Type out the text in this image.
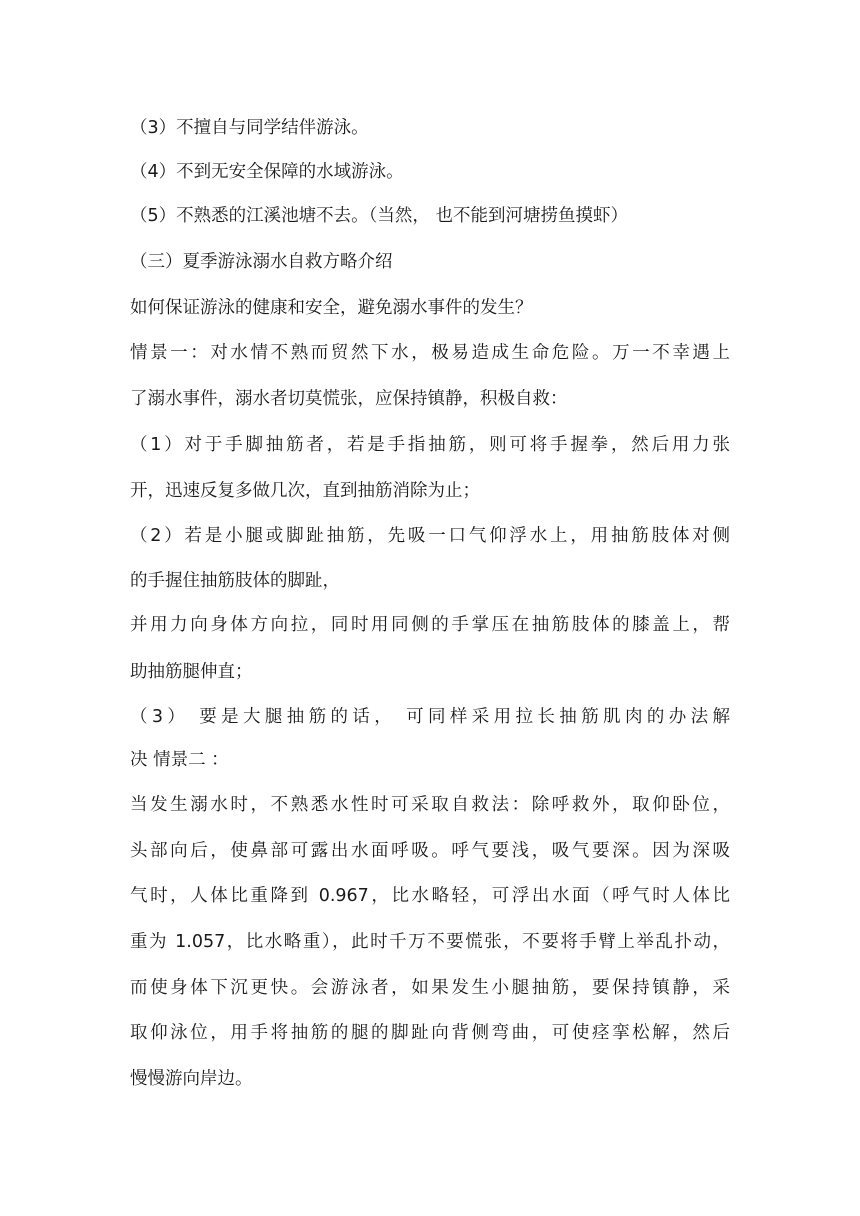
（3）不擅自与同学结伴游泳。
（4）不到无安全保障的水域游泳。
（5）不熟悉的江溪池塘不去。（当然， 也不能到河塘捞鱼摸虾）
（三）夏季游泳溺水自救方略介绍
如何保证游泳的健康和安全，避免溺水事件的发生？
情景一：对水情不熟而贸然下水，极易造成生命危险。万一不幸遇上
了溺水事件，溺水者切莫慌张，应保持镇静，积极自救：
（1）对于手脚抽筋者，若是手指抽筋，则可将手握拳，然后用力张
开，迅速反复多做几次，直到抽筋消除为止；
（2）若是小腿或脚趾抽筋，先吸一口气仰浮水上，用抽筋肢体对侧
的手握住抽筋肢体的脚趾，
并用力向身体方向拉，同时用同侧的手掌压在抽筋肢体的膝盖上，帮
助抽筋腿伸直；
（3） 要是大腿抽筋的话， 可同样采用拉长抽筋肌肉的办法解
决 情景二 ：
当发生溺水时，不熟悉水性时可采取自救法：除呼救外，取仰卧位，
头部向后，使鼻部可露出水面呼吸。呼气要浅，吸气要深。因为深吸
气时，人体比重降到 0.967，比水略轻，可浮出水面（呼气时人体比
重为 1.057，比水略重），此时千万不要慌张，不要将手臂上举乱扑动，
而使身体下沉更快。会游泳者，如果发生小腿抽筋，要保持镇静，采
取仰泳位，用手将抽筋的腿的脚趾向背侧弯曲，可使痉挛松解，然后
慢慢游向岸边。
